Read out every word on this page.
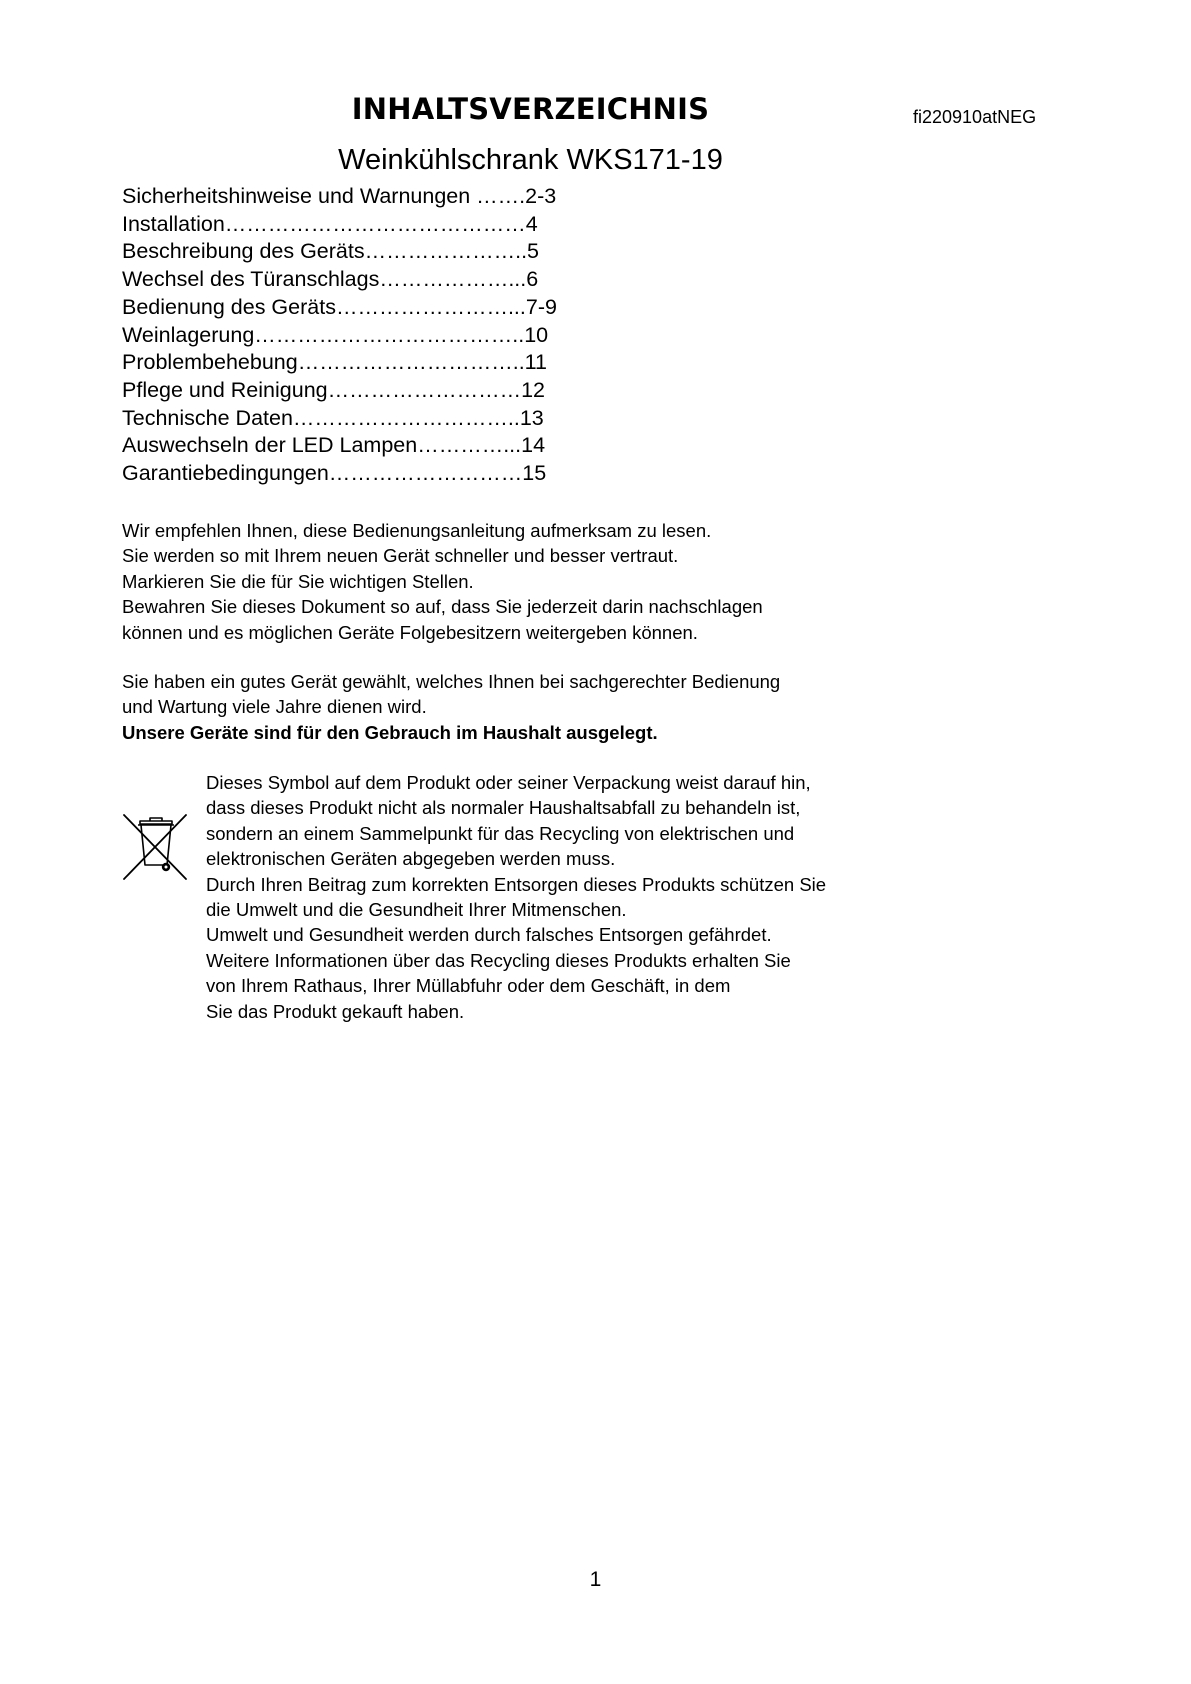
INHALTSVERZEICHNIS	fi220910atNEG
Weinkühlschrank WKS171-19
Sicherheitshinweise und Warnungen …….2-3
Installation……………………………………4
Beschreibung des Geräts…………………..5
Wechsel des Türanschlags………………...6
Bedienung des Geräts……………………...7-9
Weinlagerung………………………………..10
Problembehebung…………………………..11
Pflege und Reinigung………………………12
Technische Daten…………………………..13
Auswechseln der LED Lampen…………...14
Garantiebedingungen………………………15
Wir empfehlen Ihnen, diese Bedienungsanleitung aufmerksam zu lesen.
Sie werden so mit Ihrem neuen Gerät schneller und besser vertraut.
Markieren Sie die für Sie wichtigen Stellen.
Bewahren Sie dieses Dokument so auf, dass Sie jederzeit darin nachschlagen
können und es möglichen Geräte Folgebesitzern weitergeben können.
Sie haben ein gutes Gerät gewählt, welches Ihnen bei sachgerechter Bedienung
und Wartung viele Jahre dienen wird.
Unsere Geräte sind für den Gebrauch im Haushalt ausgelegt.
Dieses Symbol auf dem Produkt oder seiner Verpackung weist darauf hin,
dass dieses Produkt nicht als normaler Haushaltsabfall zu behandeln ist,
sondern an einem Sammelpunkt für das Recycling von elektrischen und
elektronischen Geräten abgegeben werden muss.
Durch Ihren Beitrag zum korrekten Entsorgen dieses Produkts schützen Sie
die Umwelt und die Gesundheit Ihrer Mitmenschen.
Umwelt und Gesundheit werden durch falsches Entsorgen gefährdet.
Weitere Informationen über das Recycling dieses Produkts erhalten Sie
von Ihrem Rathaus, Ihrer Müllabfuhr oder dem Geschäft, in dem
Sie das Produkt gekauft haben.
1
